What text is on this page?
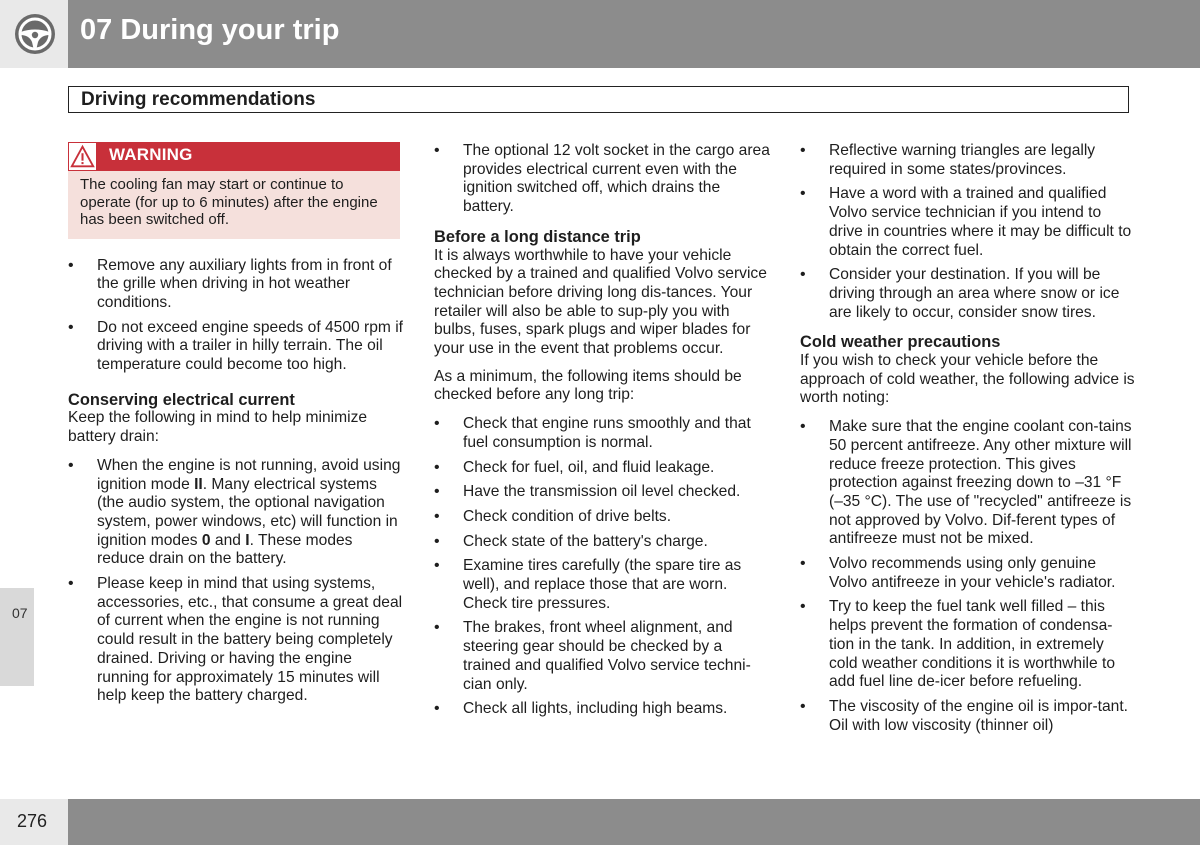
07 During your trip
Driving recommendations
WARNING
The cooling fan may start or continue to operate (for up to 6 minutes) after the engine has been switched off.
• Remove any auxiliary lights from in front of the grille when driving in hot weather conditions.
• Do not exceed engine speeds of 4500 rpm if driving with a trailer in hilly terrain. The oil temperature could become too high.

Conserving electrical current

Keep the following in mind to help minimize battery drain:

• When the engine is not running, avoid using ignition mode II. Many electrical systems (the audio system, the optional navigation system, power windows, etc) will function in ignition modes 0 and I. These modes reduce drain on the battery.
• Please keep in mind that using systems, accessories, etc., that consume a great deal of current when the engine is not running could result in the battery being completely drained. Driving or having the engine running for approximately 15 minutes will help keep the battery charged.
• The optional 12 volt socket in the cargo area provides electrical current even with the ignition switched off, which drains the battery.

Before a long distance trip

It is always worthwhile to have your vehicle checked by a trained and qualified Volvo service technician before driving long dis-tances. Your retailer will also be able to sup-ply you with bulbs, fuses, spark plugs and wiper blades for your use in the event that problems occur.

As a minimum, the following items should be checked before any long trip:

• Check that engine runs smoothly and that fuel consumption is normal.
• Check for fuel, oil, and fluid leakage.
• Have the transmission oil level checked.
• Check condition of drive belts.
• Check state of the battery's charge.
• Examine tires carefully (the spare tire as well), and replace those that are worn. Check tire pressures.
• The brakes, front wheel alignment, and steering gear should be checked by a trained and qualified Volvo service techni-cian only.
• Check all lights, including high beams.
• Reflective warning triangles are legally required in some states/provinces.
• Have a word with a trained and qualified Volvo service technician if you intend to drive in countries where it may be difficult to obtain the correct fuel.
• Consider your destination. If you will be driving through an area where snow or ice are likely to occur, consider snow tires.

Cold weather precautions

If you wish to check your vehicle before the approach of cold weather, the following advice is worth noting:

• Make sure that the engine coolant con-tains 50 percent antifreeze. Any other mixture will reduce freeze protection. This gives protection against freezing down to –31 °F (–35 °C). The use of "recycled" antifreeze is not approved by Volvo. Dif-ferent types of antifreeze must not be mixed.
• Volvo recommends using only genuine Volvo antifreeze in your vehicle's radiator.
• Try to keep the fuel tank well filled – this helps prevent the formation of condensa-tion in the tank. In addition, in extremely cold weather conditions it is worthwhile to add fuel line de-icer before refueling.
• The viscosity of the engine oil is impor-tant. Oil with low viscosity (thinner oil)
07
276
